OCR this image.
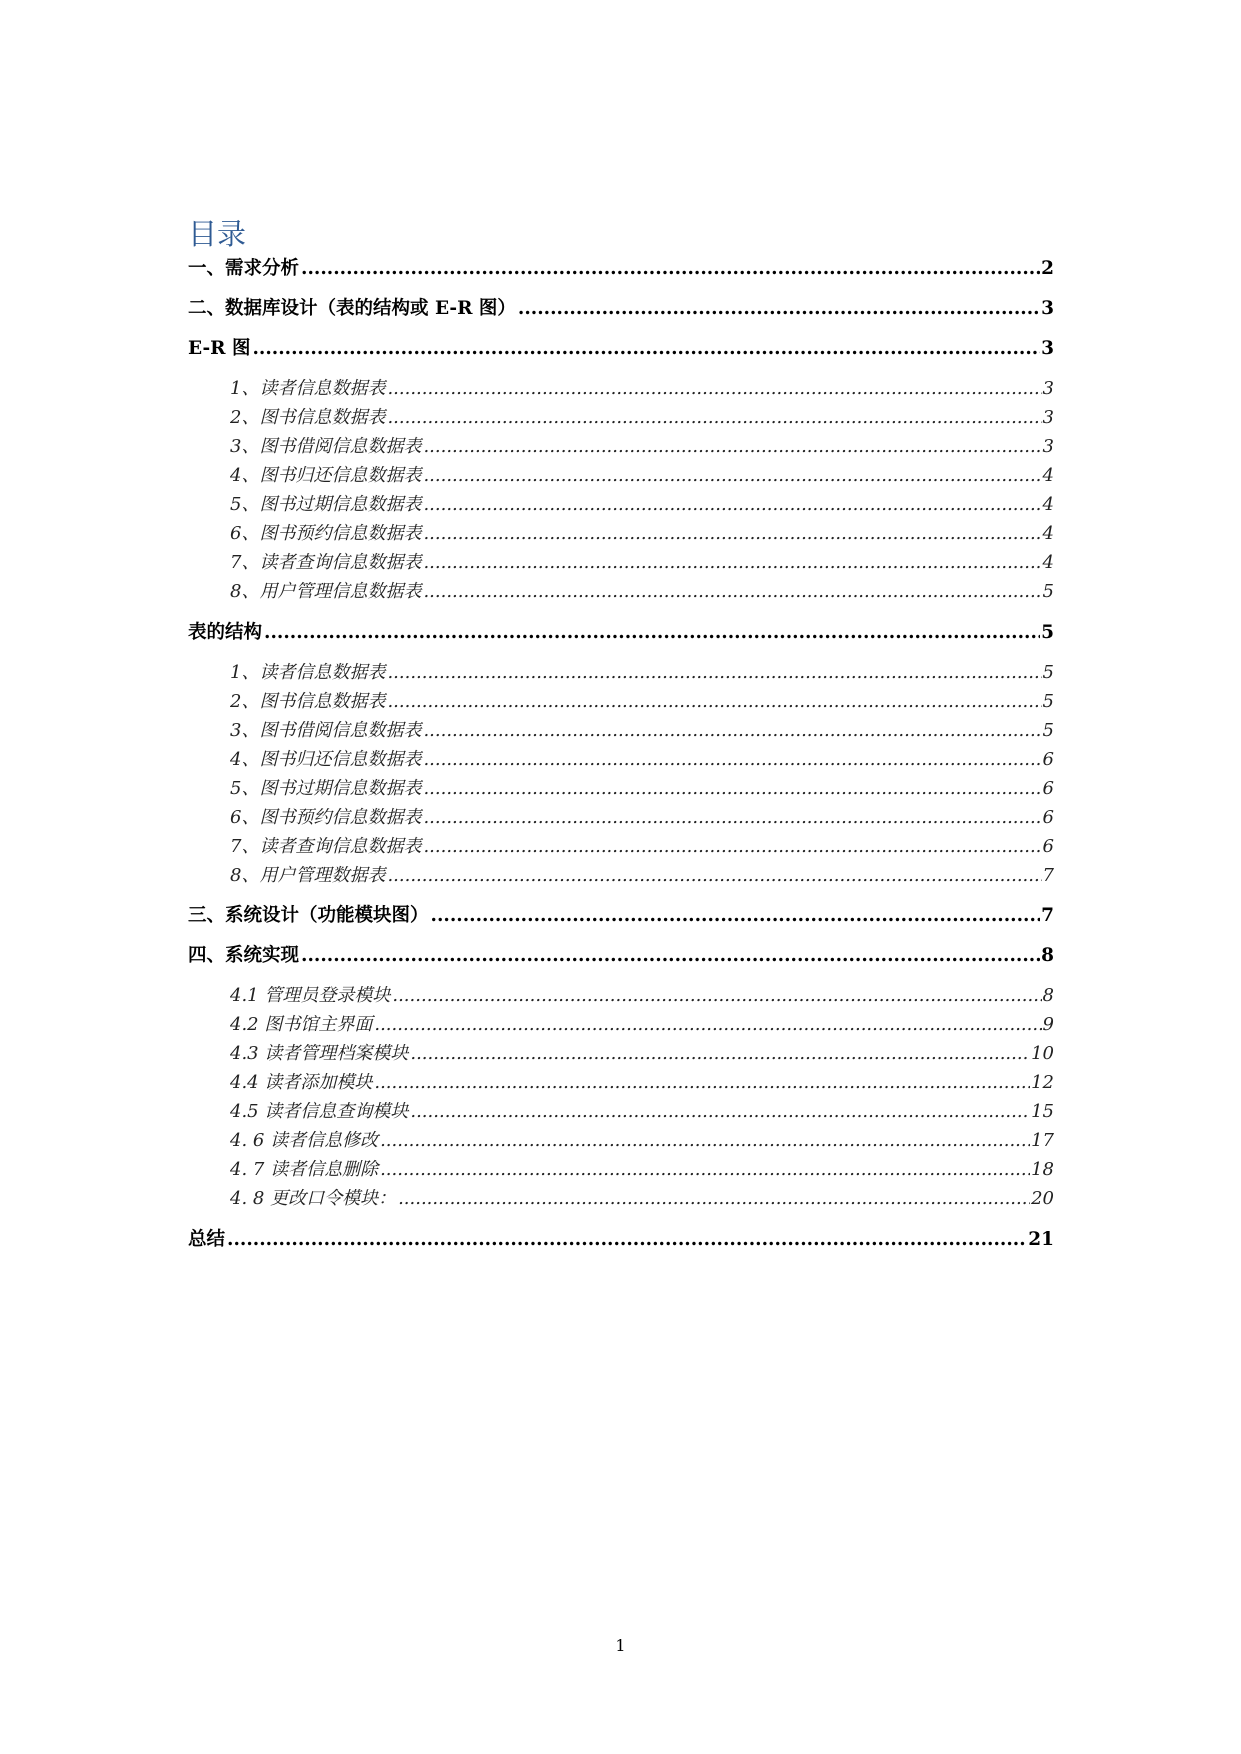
目录
一、需求分析 .....	2
二、数据库设计（表的结构或 E-R 图） .....	3
E-R 图 .....	3
1、读者信息数据表 .....	3
2、图书信息数据表 .....	3
3、图书借阅信息数据表 .....	3
4、图书归还信息数据表 .....	4
5、图书过期信息数据表 .....	4
6、图书预约信息数据表 .....	4
7、读者查询信息数据表 .....	4
8、用户管理信息数据表 .....	5
表的结构 .....	5
1、读者信息数据表 .....	5
2、图书信息数据表 .....	5
3、图书借阅信息数据表 .....	5
4、图书归还信息数据表 .....	6
5、图书过期信息数据表 .....	6
6、图书预约信息数据表 .....	6
7、读者查询信息数据表 .....	6
8、用户管理数据表 .....	7
三、系统设计（功能模块图） .....	7
四、系统实现 .....	8
4.1 管理员登录模块 .....	8
4.2 图书馆主界面 .....	9
4.3 读者管理档案模块 .....	10
4.4 读者添加模块 .....	12
4.5 读者信息查询模块 .....	15
4. 6 读者信息修改 .....	17
4. 7 读者信息删除 .....	18
4. 8 更改口令模块： .....	20
总结 .....	21
1
